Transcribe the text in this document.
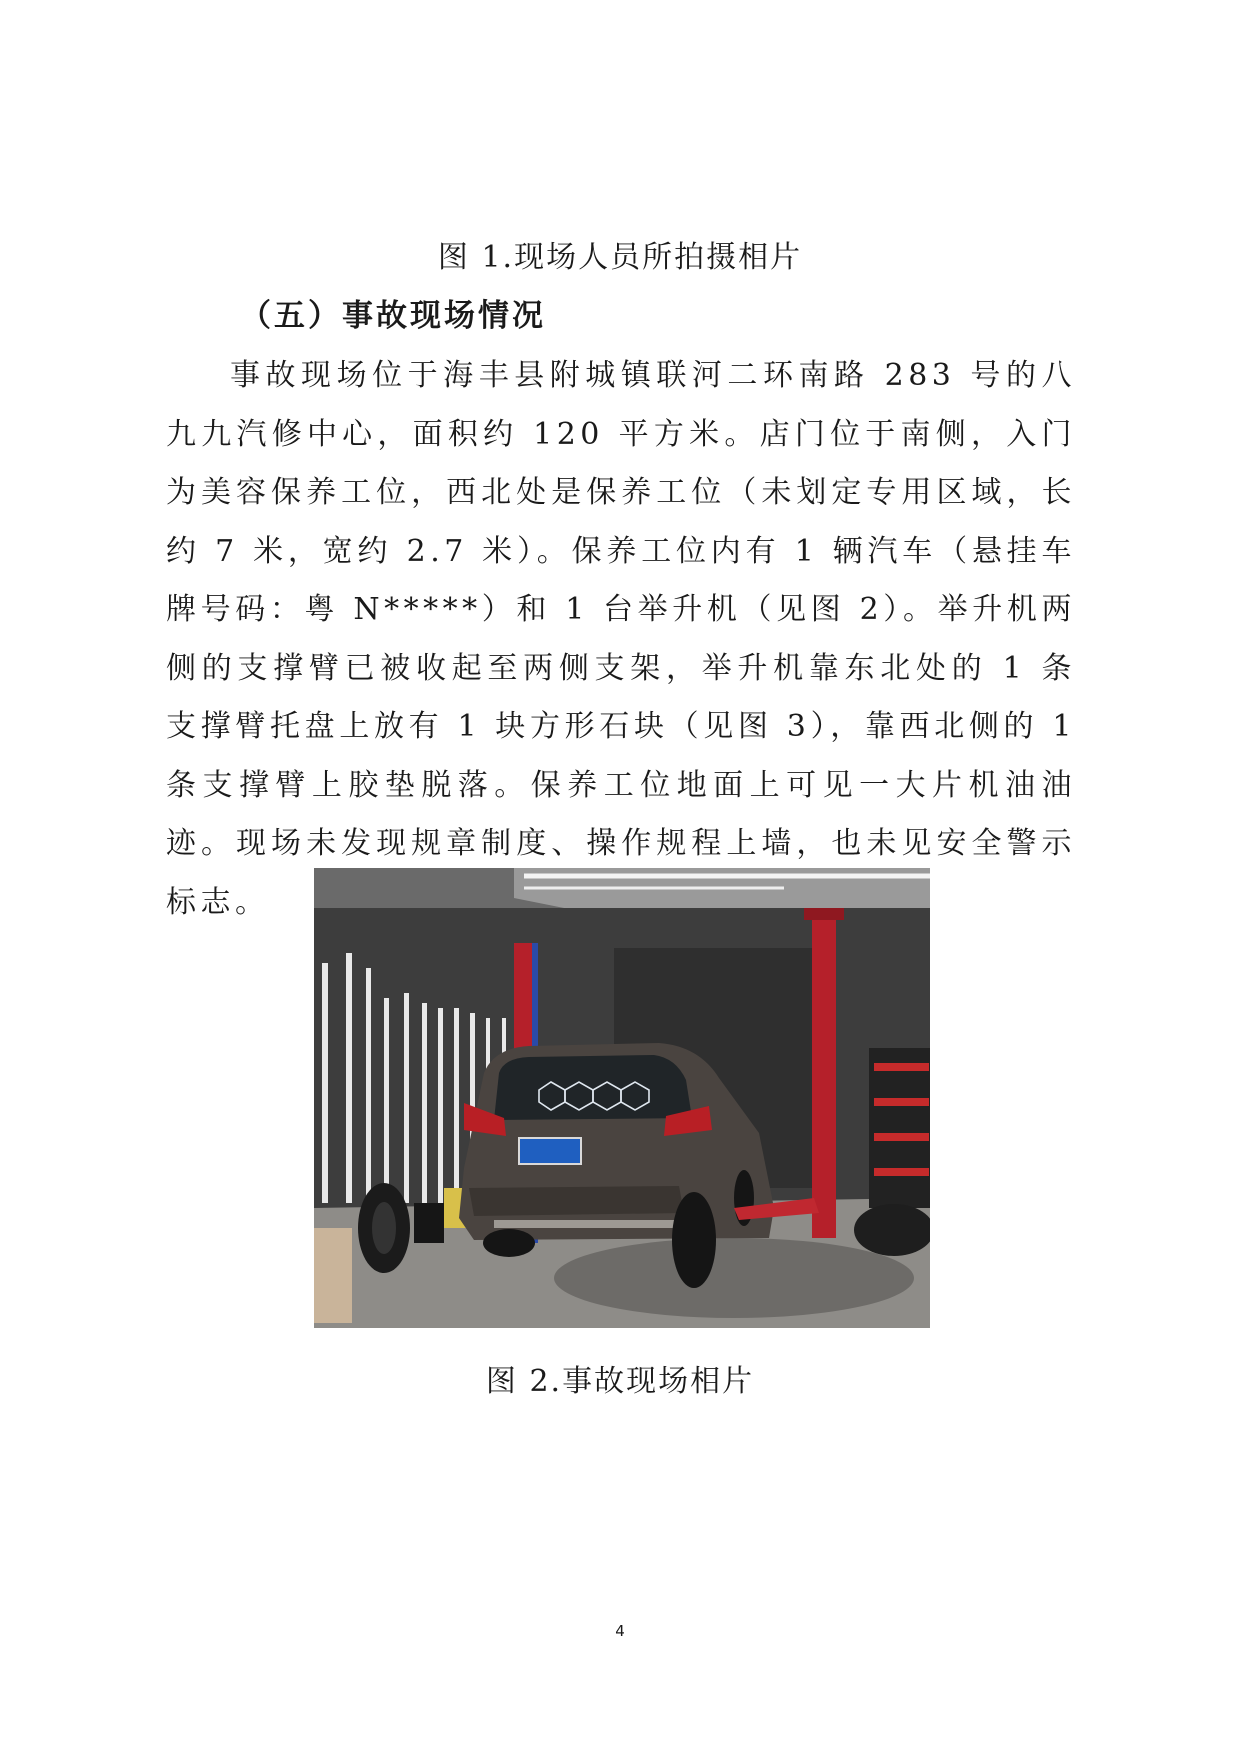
图 1.现场人员所拍摄相片
（五）事故现场情况

事故现场位于海丰县附城镇联河二环南路 283 号的八九九汽修中心，面积约 120 平方米。店门位于南侧，入门为美容保养工位，西北处是保养工位（未划定专用区域，长约 7 米，宽约 2.7 米）。保养工位内有 1 辆汽车（悬挂车牌号码：粤 N*****）和 1 台举升机（见图 2）。举升机两侧的支撑臂已被收起至两侧支架，举升机靠东北处的 1 条支撑臂托盘上放有 1 块方形石块（见图 3），靠西北侧的 1 条支撑臂上胶垫脱落。保养工位地面上可见一大片机油油迹。现场未发现规章制度、操作规程上墙，也未见安全警示标志。

图 2.事故现场相片
4
